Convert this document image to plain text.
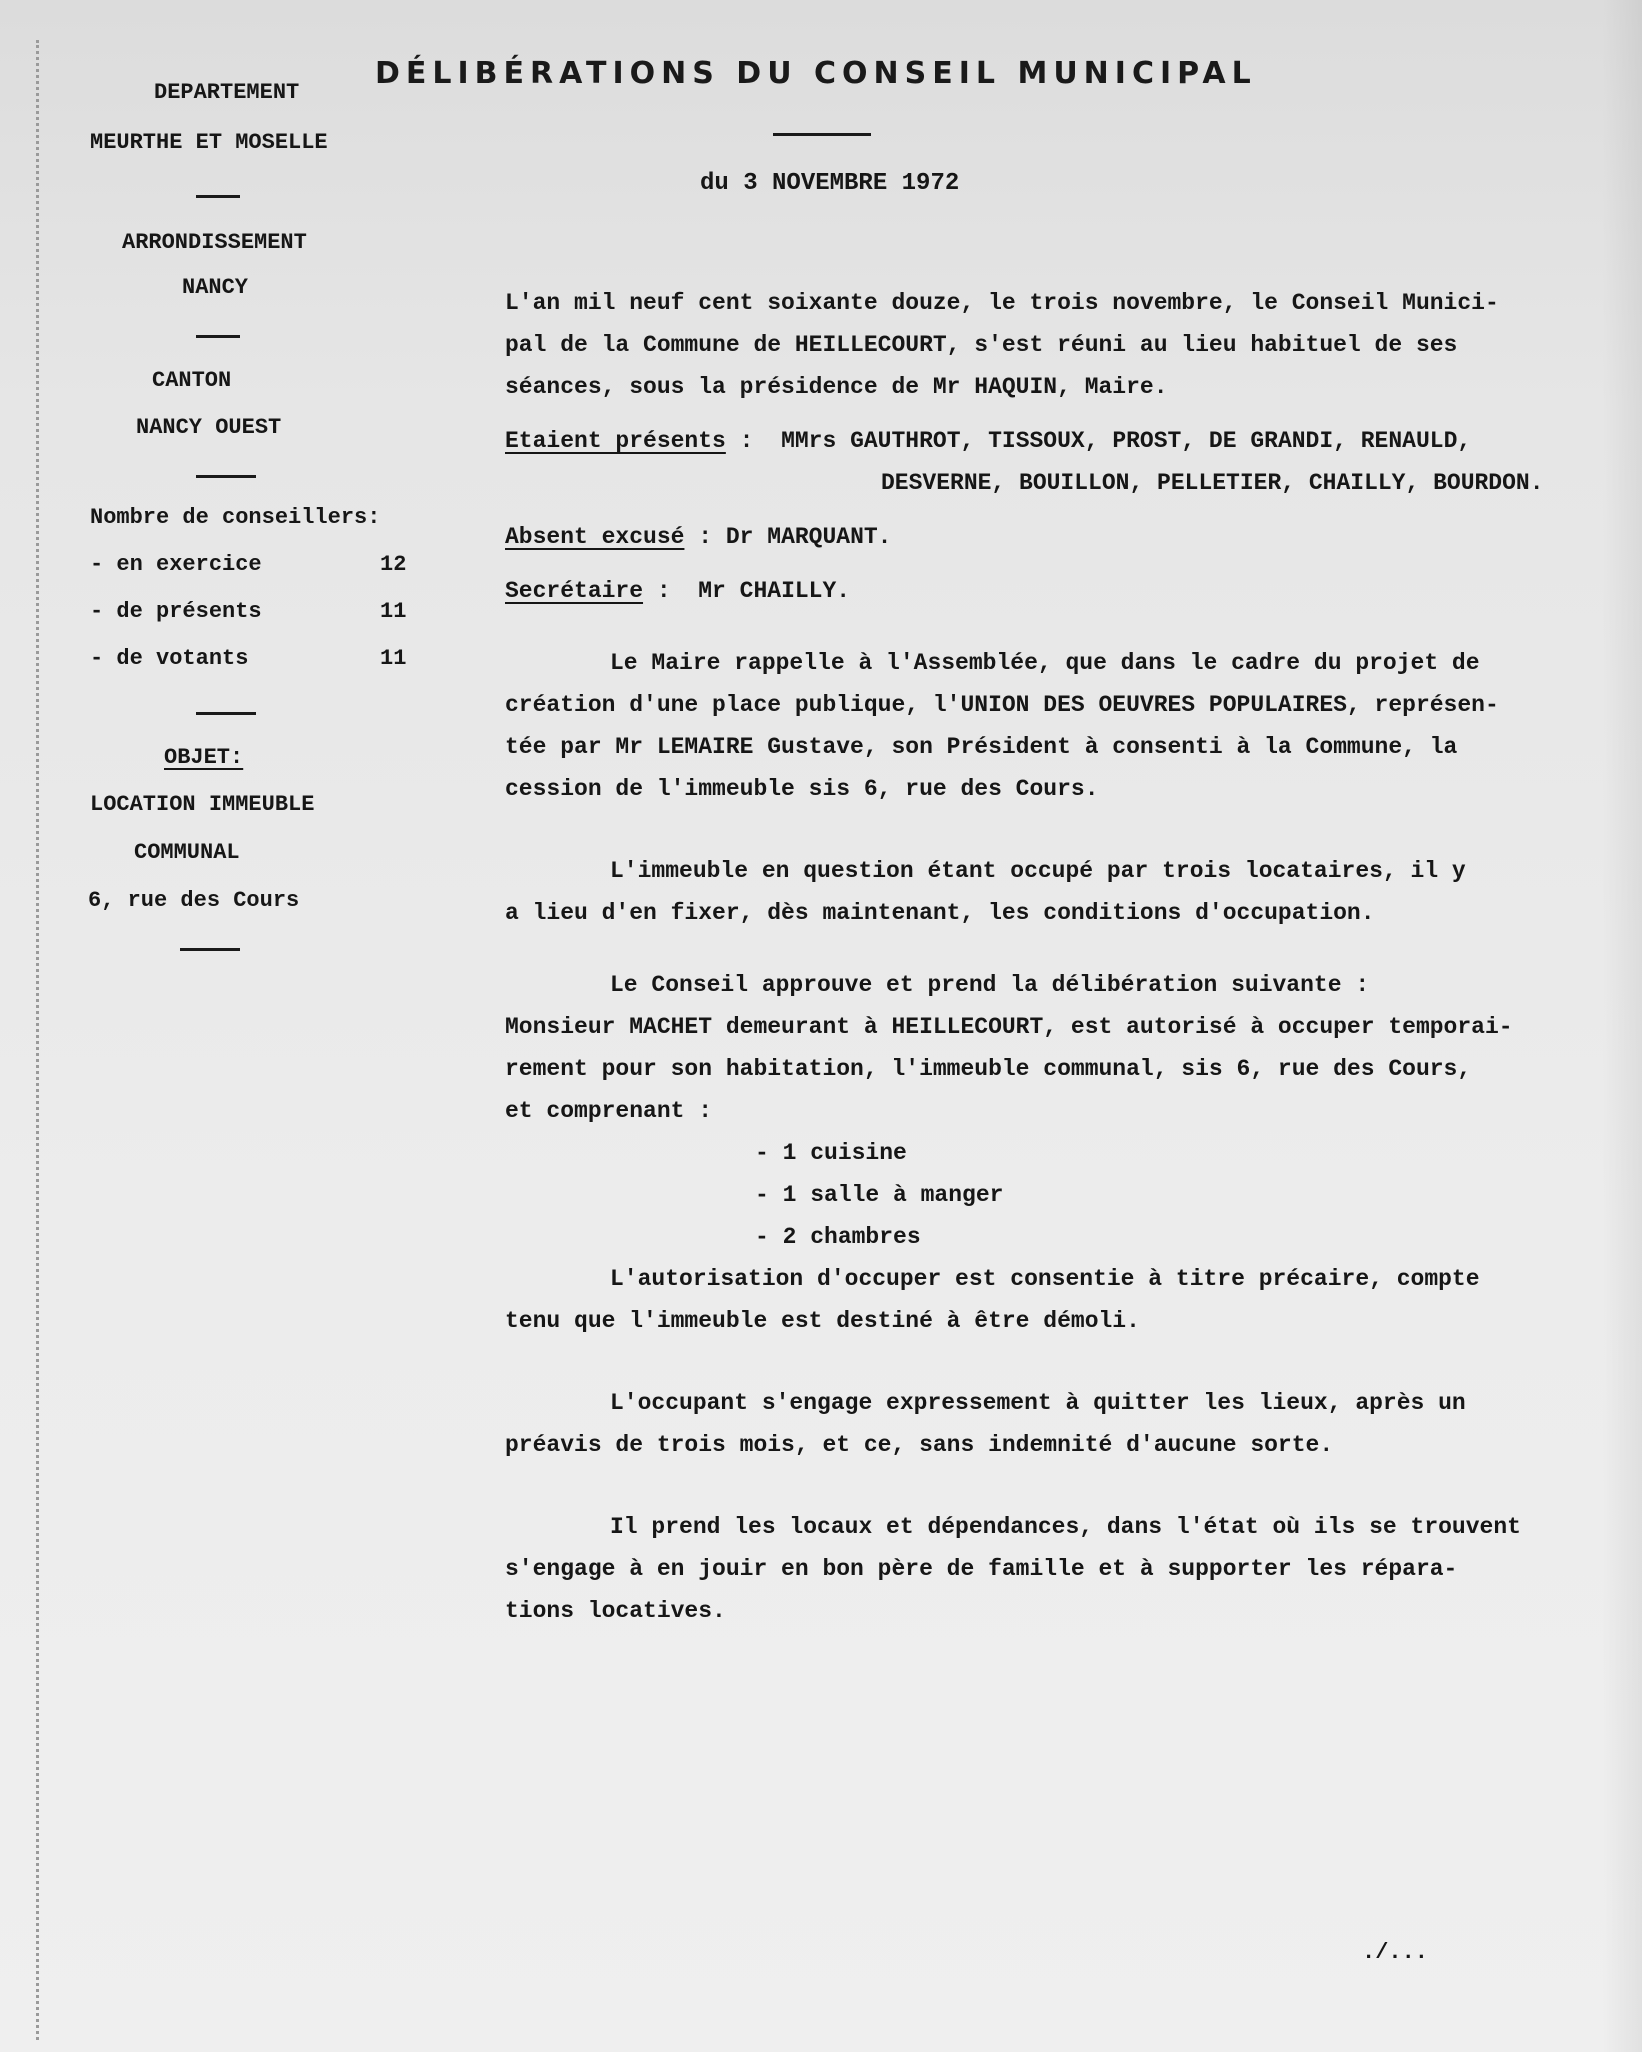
DÉLIBÉRATIONS DU CONSEIL MUNICIPAL
du 3 NOVEMBRE 1972
DEPARTEMENT
MEURTHE ET MOSELLE
ARRONDISSEMENT
NANCY
CANTON
NANCY OUEST
Nombre de conseillers:
- en exercice	12
- de présents	11
- de votants	11
OBJET:
LOCATION IMMEUBLE
COMMUNAL
6, rue des Cours

L'an mil neuf cent soixante douze, le trois novembre, le Conseil Munici-

pal de la Commune de HEILLECOURT, s'est réuni au lieu habituel de ses

séances, sous la présidence de Mr HAQUIN, Maire.

Etaient présents :  MMrs GAUTHROT, TISSOUX, PROST, DE GRANDI, RENAULD,

DESVERNE, BOUILLON, PELLETIER, CHAILLY, BOURDON.

Absent excusé : Dr MARQUANT.

Secrétaire :  Mr CHAILLY.

Le Maire rappelle à l'Assemblée, que dans le cadre du projet de

création d'une place publique, l'UNION DES OEUVRES POPULAIRES, représen-

tée par Mr LEMAIRE Gustave, son Président à consenti à la Commune, la

cession de l'immeuble sis 6, rue des Cours.

L'immeuble en question étant occupé par trois locataires, il y

a lieu d'en fixer, dès maintenant, les conditions d'occupation.

Le Conseil approuve et prend la délibération suivante :

Monsieur MACHET demeurant à HEILLECOURT, est autorisé à occuper temporai-

rement pour son habitation, l'immeuble communal, sis 6, rue des Cours,

et comprenant :

- 1 cuisine

- 1 salle à manger

- 2 chambres

L'autorisation d'occuper est consentie à titre précaire, compte

tenu que l'immeuble est destiné à être démoli.

L'occupant s'engage expressement à quitter les lieux, après un

préavis de trois mois, et ce, sans indemnité d'aucune sorte.

Il prend les locaux et dépendances, dans l'état où ils se trouvent

s'engage à en jouir en bon père de famille et à supporter les répara-

tions locatives.

./...
